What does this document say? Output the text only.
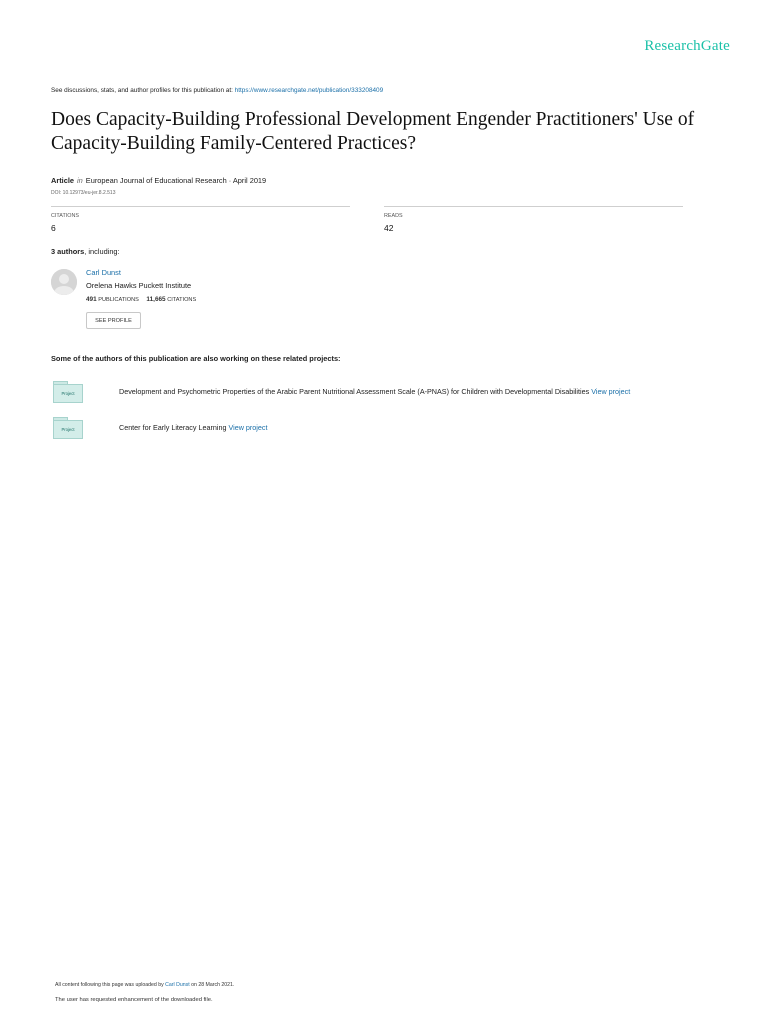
ResearchGate
See discussions, stats, and author profiles for this publication at: https://www.researchgate.net/publication/333208409
Does Capacity-Building Professional Development Engender Practitioners' Use of Capacity-Building Family-Centered Practices?
Article in European Journal of Educational Research · April 2019
DOI: 10.12973/eu-jer.8.2.513
CITATIONS
6
READS
42
3 authors, including:
Carl Dunst
Orelena Hawks Puckett Institute
491 PUBLICATIONS 11,665 CITATIONS
SEE PROFILE
Some of the authors of this publication are also working on these related projects:
Project	Development and Psychometric Properties of the Arabic Parent Nutritional Assessment Scale (A-PNAS) for Children with Developmental Disabilities View project
Project	Center for Early Literacy Learning View project
All content following this page was uploaded by Carl Dunst on 28 March 2021.
The user has requested enhancement of the downloaded file.
